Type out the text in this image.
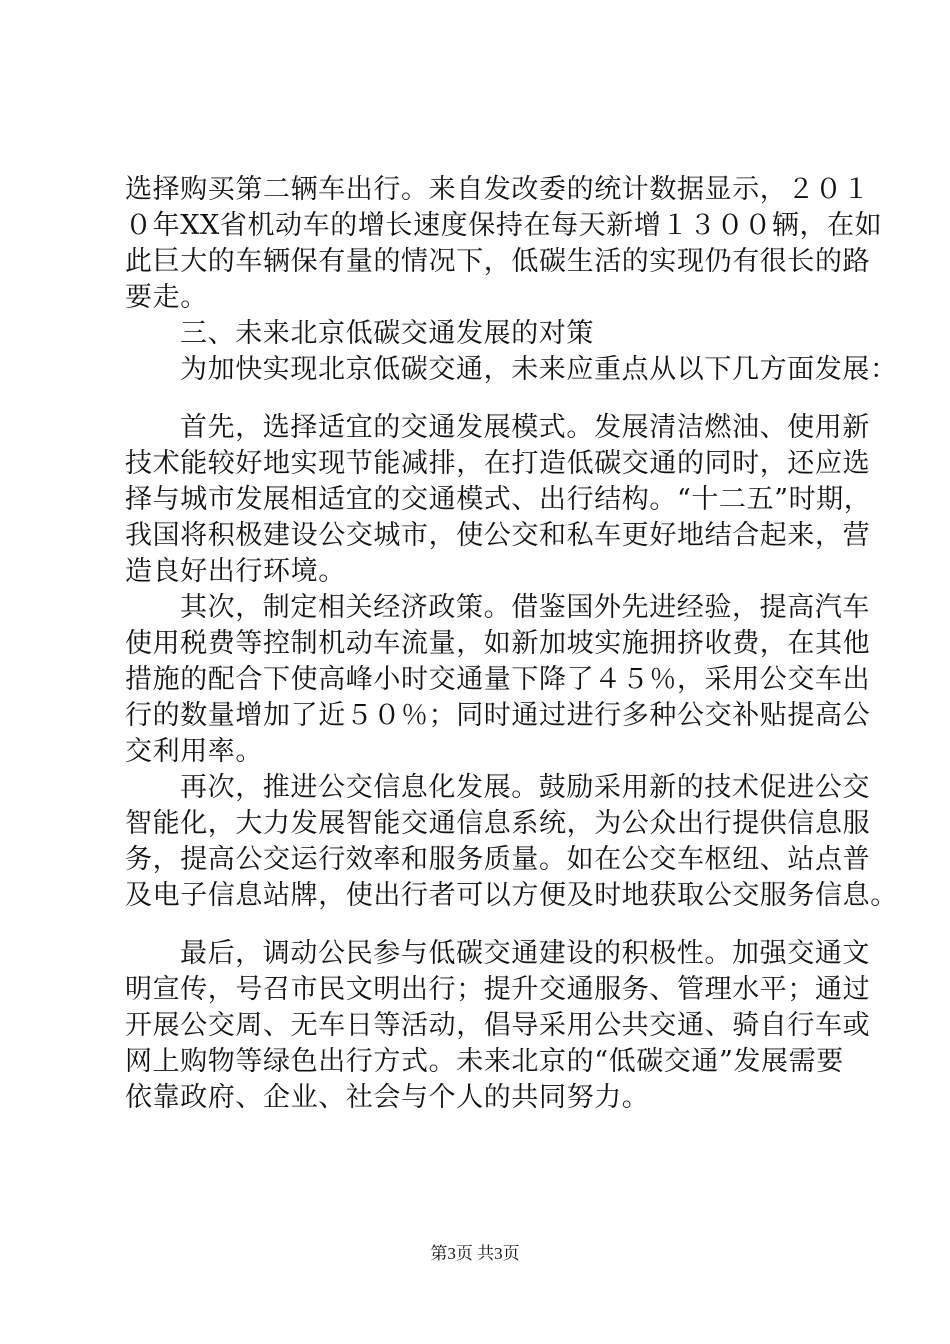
选择购买第二辆车出行。来自发改委的统计数据显示，２０１
０年XX省机动车的增长速度保持在每天新增１３００辆，在如
此巨大的车辆保有量的情况下，低碳生活的实现仍有很长的路
要走。
三、未来北京低碳交通发展的对策
为加快实现北京低碳交通，未来应重点从以下几方面发展：
首先，选择适宜的交通发展模式。发展清洁燃油、使用新
技术能较好地实现节能减排，在打造低碳交通的同时，还应选
择与城市发展相适宜的交通模式、出行结构。“十二五”时期，
我国将积极建设公交城市，使公交和私车更好地结合起来，营
造良好出行环境。
其次，制定相关经济政策。借鉴国外先进经验，提高汽车
使用税费等控制机动车流量，如新加坡实施拥挤收费，在其他
措施的配合下使高峰小时交通量下降了４５％，采用公交车出
行的数量增加了近５０％；同时通过进行多种公交补贴提高公
交利用率。
再次，推进公交信息化发展。鼓励采用新的技术促进公交
智能化，大力发展智能交通信息系统，为公众出行提供信息服
务，提高公交运行效率和服务质量。如在公交车枢纽、站点普
及电子信息站牌，使出行者可以方便及时地获取公交服务信息。
最后，调动公民参与低碳交通建设的积极性。加强交通文
明宣传，号召市民文明出行；提升交通服务、管理水平；通过
开展公交周、无车日等活动，倡导采用公共交通、骑自行车或
网上购物等绿色出行方式。未来北京的“低碳交通”发展需要
依靠政府、企业、社会与个人的共同努力。
第3页 共3页
